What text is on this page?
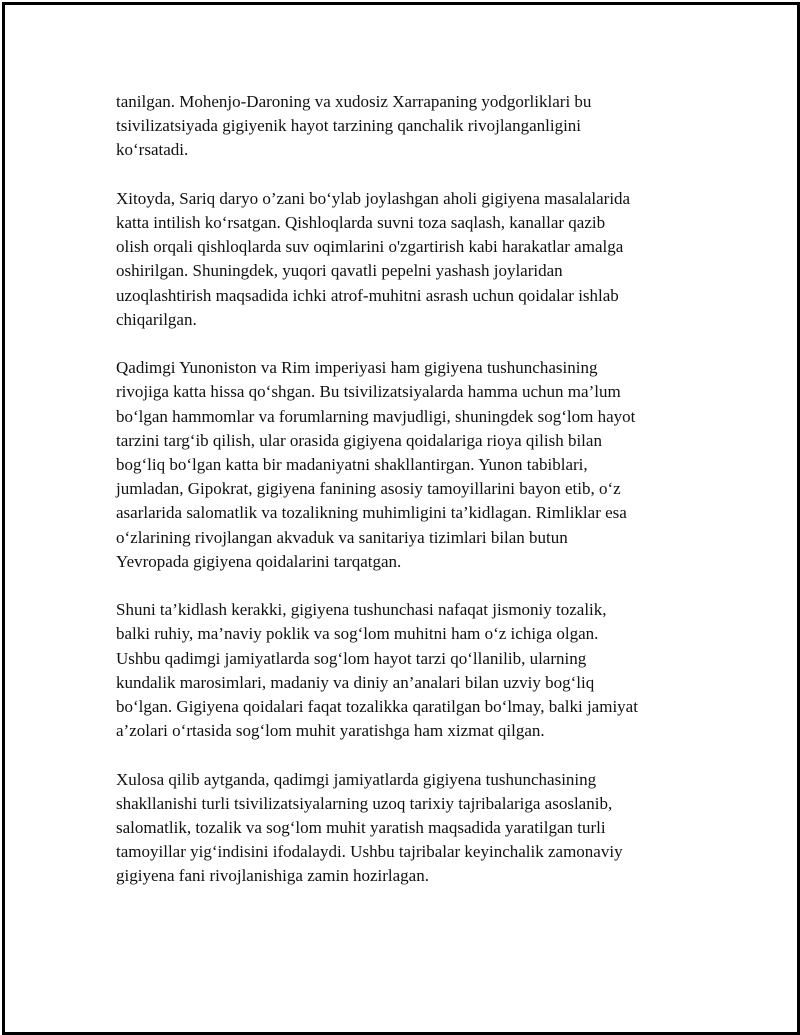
tanilgan. Mohenjo-Daroning va xudosiz Xarrapaning yodgorliklari bu
tsivilizatsiyada gigiyenik hayot tarzining qanchalik rivojlanganligini
ko‘rsatadi.

Xitoyda, Sariq daryo o’zani bo‘ylab joylashgan aholi gigiyena masalalarida
katta intilish ko‘rsatgan. Qishloqlarda suvni toza saqlash, kanallar qazib
olish orqali qishloqlarda suv oqimlarini o'zgartirish kabi harakatlar amalga
oshirilgan. Shuningdek, yuqori qavatli pepelni yashash joylaridan
uzoqlashtirish maqsadida ichki atrof-muhitni asrash uchun qoidalar ishlab
chiqarilgan.

Qadimgi Yunoniston va Rim imperiyasi ham gigiyena tushunchasining
rivojiga katta hissa qo‘shgan. Bu tsivilizatsiyalarda hamma uchun ma’lum
bo‘lgan hammomlar va forumlarning mavjudligi, shuningdek sog‘lom hayot
tarzini targ‘ib qilish, ular orasida gigiyena qoidalariga rioya qilish bilan
bog‘liq bo‘lgan katta bir madaniyatni shakllantirgan. Yunon tabiblari,
jumladan, Gipokrat, gigiyena fanining asosiy tamoyillarini bayon etib, o‘z
asarlarida salomatlik va tozalikning muhimligini ta’kidlagan. Rimliklar esa
o‘zlarining rivojlangan akvaduk va sanitariya tizimlari bilan butun
Yevropada gigiyena qoidalarini tarqatgan.

Shuni ta’kidlash kerakki, gigiyena tushunchasi nafaqat jismoniy tozalik,
balki ruhiy, ma’naviy poklik va sog‘lom muhitni ham o‘z ichiga olgan.
Ushbu qadimgi jamiyatlarda sog‘lom hayot tarzi qo‘llanilib, ularning
kundalik marosimlari, madaniy va diniy an’analari bilan uzviy bog‘liq
bo‘lgan. Gigiyena qoidalari faqat tozalikka qaratilgan bo‘lmay, balki jamiyat
a’zolari o‘rtasida sog‘lom muhit yaratishga ham xizmat qilgan.

Xulosa qilib aytganda, qadimgi jamiyatlarda gigiyena tushunchasining
shakllanishi turli tsivilizatsiyalarning uzoq tarixiy tajribalariga asoslanib,
salomatlik, tozalik va sog‘lom muhit yaratish maqsadida yaratilgan turli
tamoyillar yig‘indisini ifodalaydi. Ushbu tajribalar keyinchalik zamonaviy
gigiyena fani rivojlanishiga zamin hozirlagan.
